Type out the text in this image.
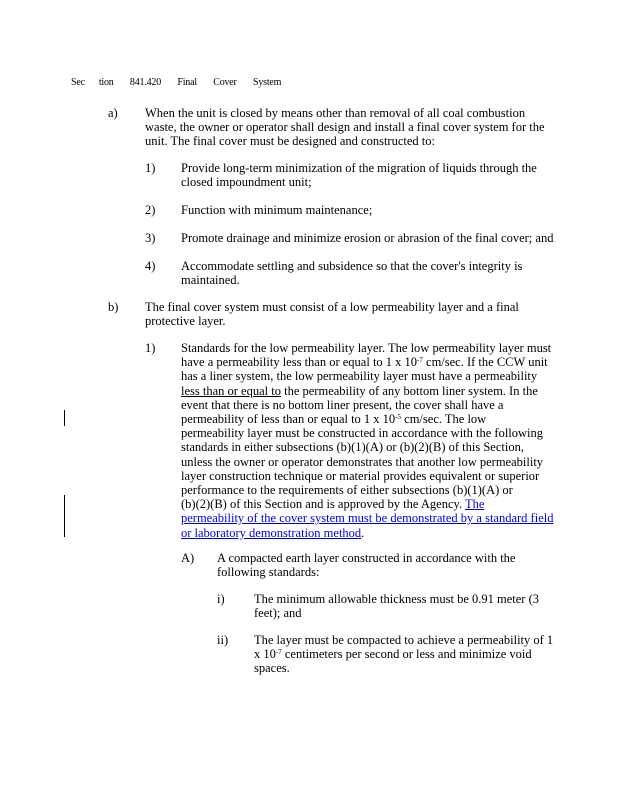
Sec tion 841.420 Final Cover System
a) When the unit is closed by means other than removal of all coal combustion
waste, the owner or operator shall design and install a final cover system for the
unit. The final cover must be designed and constructed to:
1) Provide long-term minimization of the migration of liquids through the
closed impoundment unit;
2) Function with minimum maintenance;
3) Promote drainage and minimize erosion or abrasion of the final cover; and
4) Accommodate settling and subsidence so that the cover's integrity is
maintained.
b) The final cover system must consist of a low permeability layer and a final
protective layer.
1) Standards for the low permeability layer. The low permeability layer must
have a permeability less than or equal to 1 x $10^{-7}$ cm/sec. If the CCW unit
has a liner system, the low permeability layer must have a permeability
less than or equal to the permeability of any bottom liner system. In the
event that there is no bottom liner present, the cover shall have a
permeability of less than or equal to 1 x $10^{-5}$ cm/sec. The low
permeability layer must be constructed in accordance with the following
standards in either subsections (b)(1)(A) or (b)(2)(B) of this Section,
unless the owner or operator demonstrates that another low permeability
layer construction technique or material provides equivalent or superior
performance to the requirements of either subsections (b)(1)(A) or
(b)(2)(B) of this Section and is approved by the Agency. The
permeability of the cover system must be demonstrated by a standard field
or laboratory demonstration method.
A) A compacted earth layer constructed in accordance with the
following standards:
i) The minimum allowable thickness must be 0.91 meter (3
feet); and
ii) The layer must be compacted to achieve a permeability of 1
x $10^{-7}$ centimeters per second or less and minimize void
spaces.
